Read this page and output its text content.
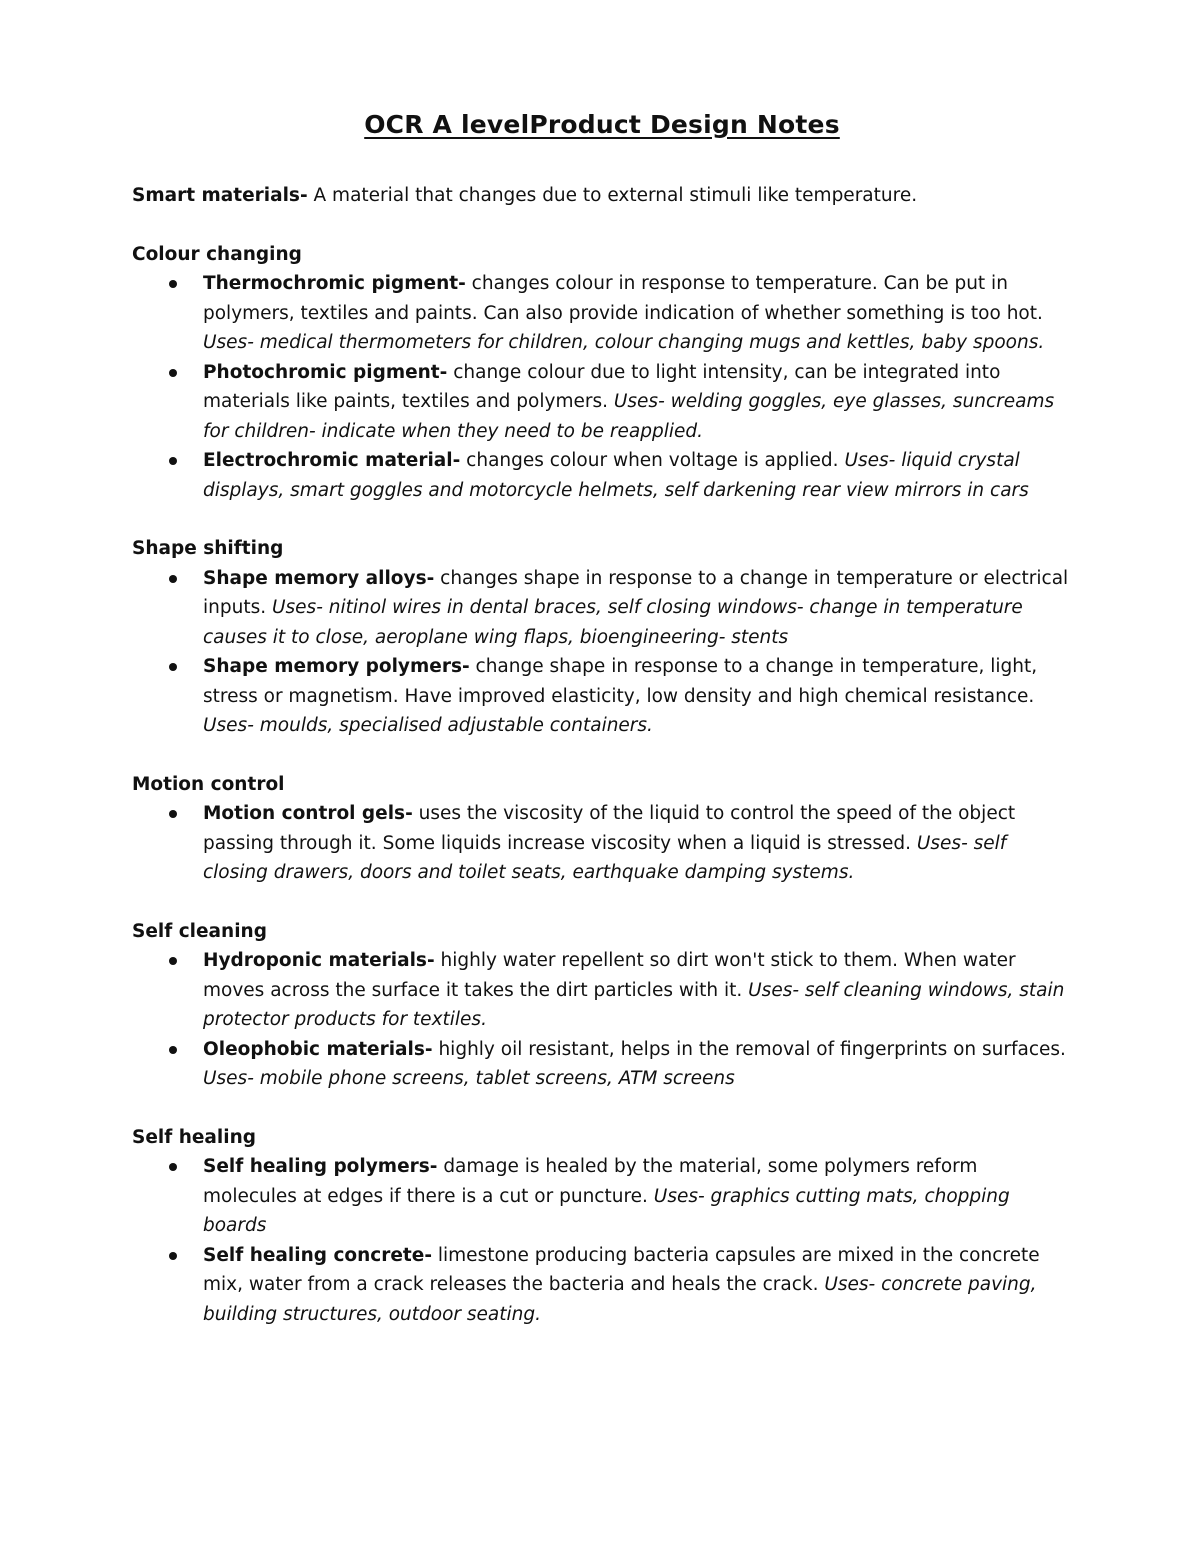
OCR A levelProduct Design Notes

Smart materials- A material that changes due to external stimuli like temperature.

Colour changing

Thermochromic pigment- changes colour in response to temperature. Can be put in polymers, textiles and paints. Can also provide indication of whether something is too hot. Uses- medical thermometers for children, colour changing mugs and kettles, baby spoons.
Photochromic pigment- change colour due to light intensity, can be integrated into materials like paints, textiles and polymers. Uses- welding goggles, eye glasses, suncreams for children- indicate when they need to be reapplied.
Electrochromic material- changes colour when voltage is applied. Uses- liquid crystal displays, smart goggles and motorcycle helmets, self darkening rear view mirrors in cars

Shape shifting

Shape memory alloys- changes shape in response to a change in temperature or electrical inputs. Uses- nitinol wires in dental braces, self closing windows- change in temperature causes it to close, aeroplane wing flaps, bioengineering- stents
Shape memory polymers- change shape in response to a change in temperature, light, stress or magnetism. Have improved elasticity, low density and high chemical resistance. Uses- moulds, specialised adjustable containers.

Motion control

Motion control gels- uses the viscosity of the liquid to control the speed of the object passing through it. Some liquids increase viscosity when a liquid is stressed. Uses- self closing drawers, doors and toilet seats, earthquake damping systems.

Self cleaning

Hydroponic materials- highly water repellent so dirt won't stick to them. When water moves across the surface it takes the dirt particles with it. Uses- self cleaning windows, stain protector products for textiles.
Oleophobic materials- highly oil resistant, helps in the removal of fingerprints on surfaces. Uses- mobile phone screens, tablet screens, ATM screens

Self healing

Self healing polymers- damage is healed by the material, some polymers reform molecules at edges if there is a cut or puncture. Uses- graphics cutting mats, chopping boards
Self healing concrete- limestone producing bacteria capsules are mixed in the concrete mix, water from a crack releases the bacteria and heals the crack. Uses- concrete paving, building structures, outdoor seating.
